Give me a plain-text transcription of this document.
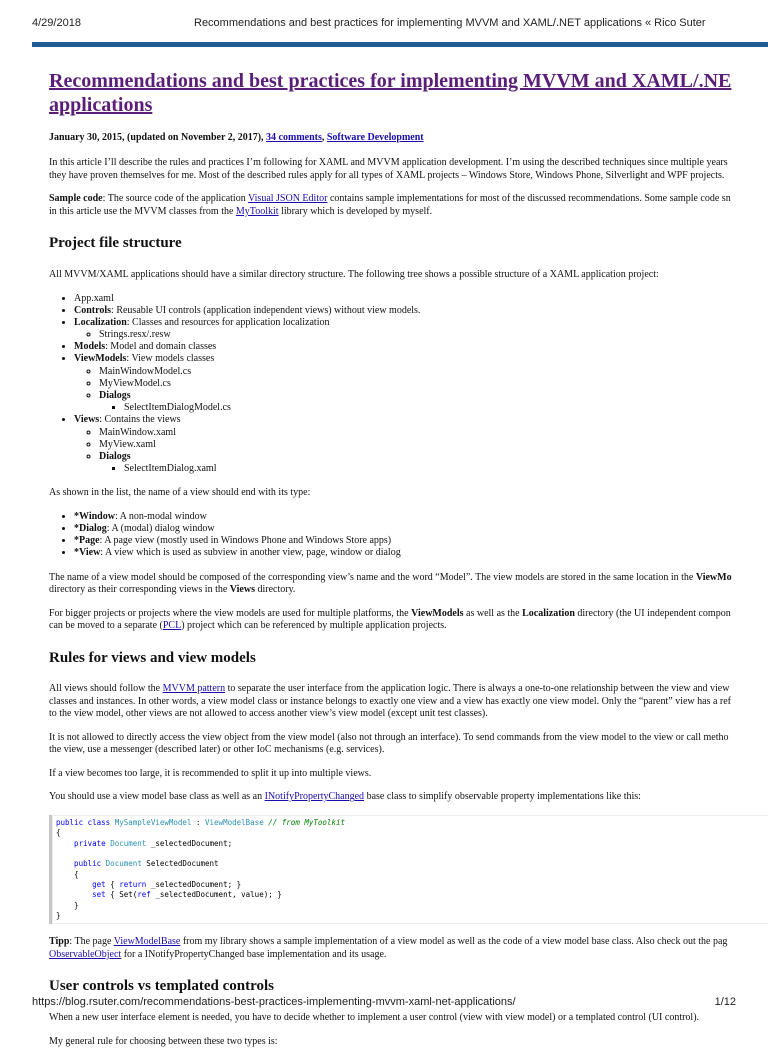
4/29/2018	Recommendations and best practices for implementing MVVM and XAML/.NET applications « Rico Suter
Recommendations and best practices for implementing MVVM and XAML/.NE
applications
January 30, 2015, (updated on November 2, 2017), 34 comments, Software Development

In this article I’ll describe the rules and practices I’m following for XAML and MVVM application development. I’m using the described techniques since multiple years
they have proven themselves for me. Most of the described rules apply for all types of XAML projects – Windows Store, Windows Phone, Silverlight and WPF projects.

Sample code: The source code of the application Visual JSON Editor contains sample implementations for most of the discussed recommendations. Some sample code sn
in this article use the MVVM classes from the MyToolkit library which is developed by myself.

Project file structure

All MVVM/XAML applications should have a similar directory structure. The following tree shows a possible structure of a XAML application project:

• App.xaml
• Controls: Reusable UI controls (application independent views) without view models.
• Localization: Classes and resources for application localization
◦ Strings.resx/.resw
• Models: Model and domain classes
• ViewModels: View models classes
◦ MainWindowModel.cs
◦ MyViewModel.cs
◦ Dialogs
▪ SelectItemDialogModel.cs
• Views: Contains the views
◦ MainWindow.xaml
◦ MyView.xaml
◦ Dialogs
▪ SelectItemDialog.xaml

As shown in the list, the name of a view should end with its type:

• *Window: A non-modal window
• *Dialog: A (modal) dialog window
• *Page: A page view (mostly used in Windows Phone and Windows Store apps)
• *View: A view which is used as subview in another view, page, window or dialog

The name of a view model should be composed of the corresponding view’s name and the word “Model”. The view models are stored in the same location in the ViewMo
directory as their corresponding views in the Views directory.

For bigger projects or projects where the view models are used for multiple platforms, the ViewModels as well as the Localization directory (the UI independent compon
can be moved to a separate (PCL) project which can be referenced by multiple application projects.

Rules for views and view models

All views should follow the MVVM pattern to separate the user interface from the application logic. There is always a one-to-one relationship between the view and view
classes and instances. In other words, a view model class or instance belongs to exactly one view and a view has exactly one view model. Only the “parent” view has a ref
to the view model, other views are not allowed to access another view’s view model (except unit test classes).

It is not allowed to directly access the view object from the view model (also not through an interface). To send commands from the view model to the view or call metho
the view, use a messenger (described later) or other IoC mechanisms (e.g. services).

If a view becomes too large, it is recommended to split it up into multiple views.

You should use a view model base class as well as an INotifyPropertyChanged base class to simplify observable property implementations like this:

public class MySampleViewModel : ViewModelBase // from MyToolkit
{
private Document _selectedDocument;

public Document SelectedDocument
{
get { return _selectedDocument; }
set { Set(ref _selectedDocument, value); }
}
}

Tipp: The page ViewModelBase from my library shows a sample implementation of a view model as well as the code of a view model base class. Also check out the pag
ObservableObject for a INotifyPropertyChanged base implementation and its usage.

User controls vs templated controls

When a new user interface element is needed, you have to decide whether to implement a user control (view with view model) or a templated control (UI control).

My general rule for choosing between these two types is:

https://blog.rsuter.com/recommendations-best-practices-implementing-mvvm-xaml-net-applications/	1/12
